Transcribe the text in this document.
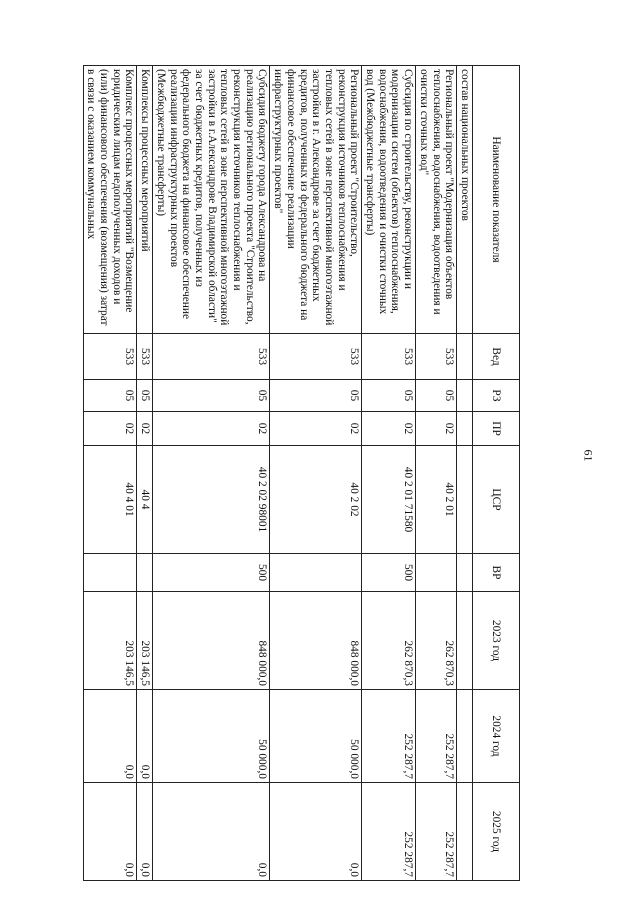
61
Наименование показателя	Вед	РЗ	ПР	ЦСР	ВР	2023 год	2024 год	2025 год
состав национальных проектов								
Региональный проект "Модернизация объектов теплоснабжения, водоснабжения, водоотведения и очистки сточных вод"	533	05	02	40 2 01		262 870,3	252 287,7	252 287,7
Субсидия по строительству, реконструкции и модернизации систем (объектов) теплоснабжения, водоснабжения, водоотведения и очистки сточных вод (Межбюджетные трансферты)	533	05	02	40 2 01 71580	500	262 870,3	252 287,7	252 287,7
Региональный проект "Строительство, реконструкция источников теплоснабжения и тепловых сетей в зоне перспективной многоэтажной застройки в г. Александрове за счет бюджетных кредитов, полученных из федерального бюджета на финансовое обеспечение реализации инфраструктурных проектов"	533	05	02	40 2 02		848 000,0	50 000,0	0,0
Субсидия бюджету города Александрова на реализацию регионального проекта "Строительство, реконструкция источников теплоснабжения и тепловых сетей в зоне перспективной многоэтажной застройки в г.Александрове Владимирской области" за счет бюджетных кредитов, полученных из федерального бюджета на финансовое обеспечение реализации инфраструктурных проектов (Межбюджетные трансферты)	533	05	02	40 2 02 98001	500	848 000,0	50 000,0	0,0
Комплексы процессных мероприятий	533	05	02	40 4		203 146,5	0,0	0,0
Комплекс процессных мероприятий "Возмещение юридическим лицам недополученных доходов и (или) финансового обеспечения (возмещения) затрат в связи с оказанием коммунальных	533	05	02	40 4 01		203 146,5	0,0	0,0
